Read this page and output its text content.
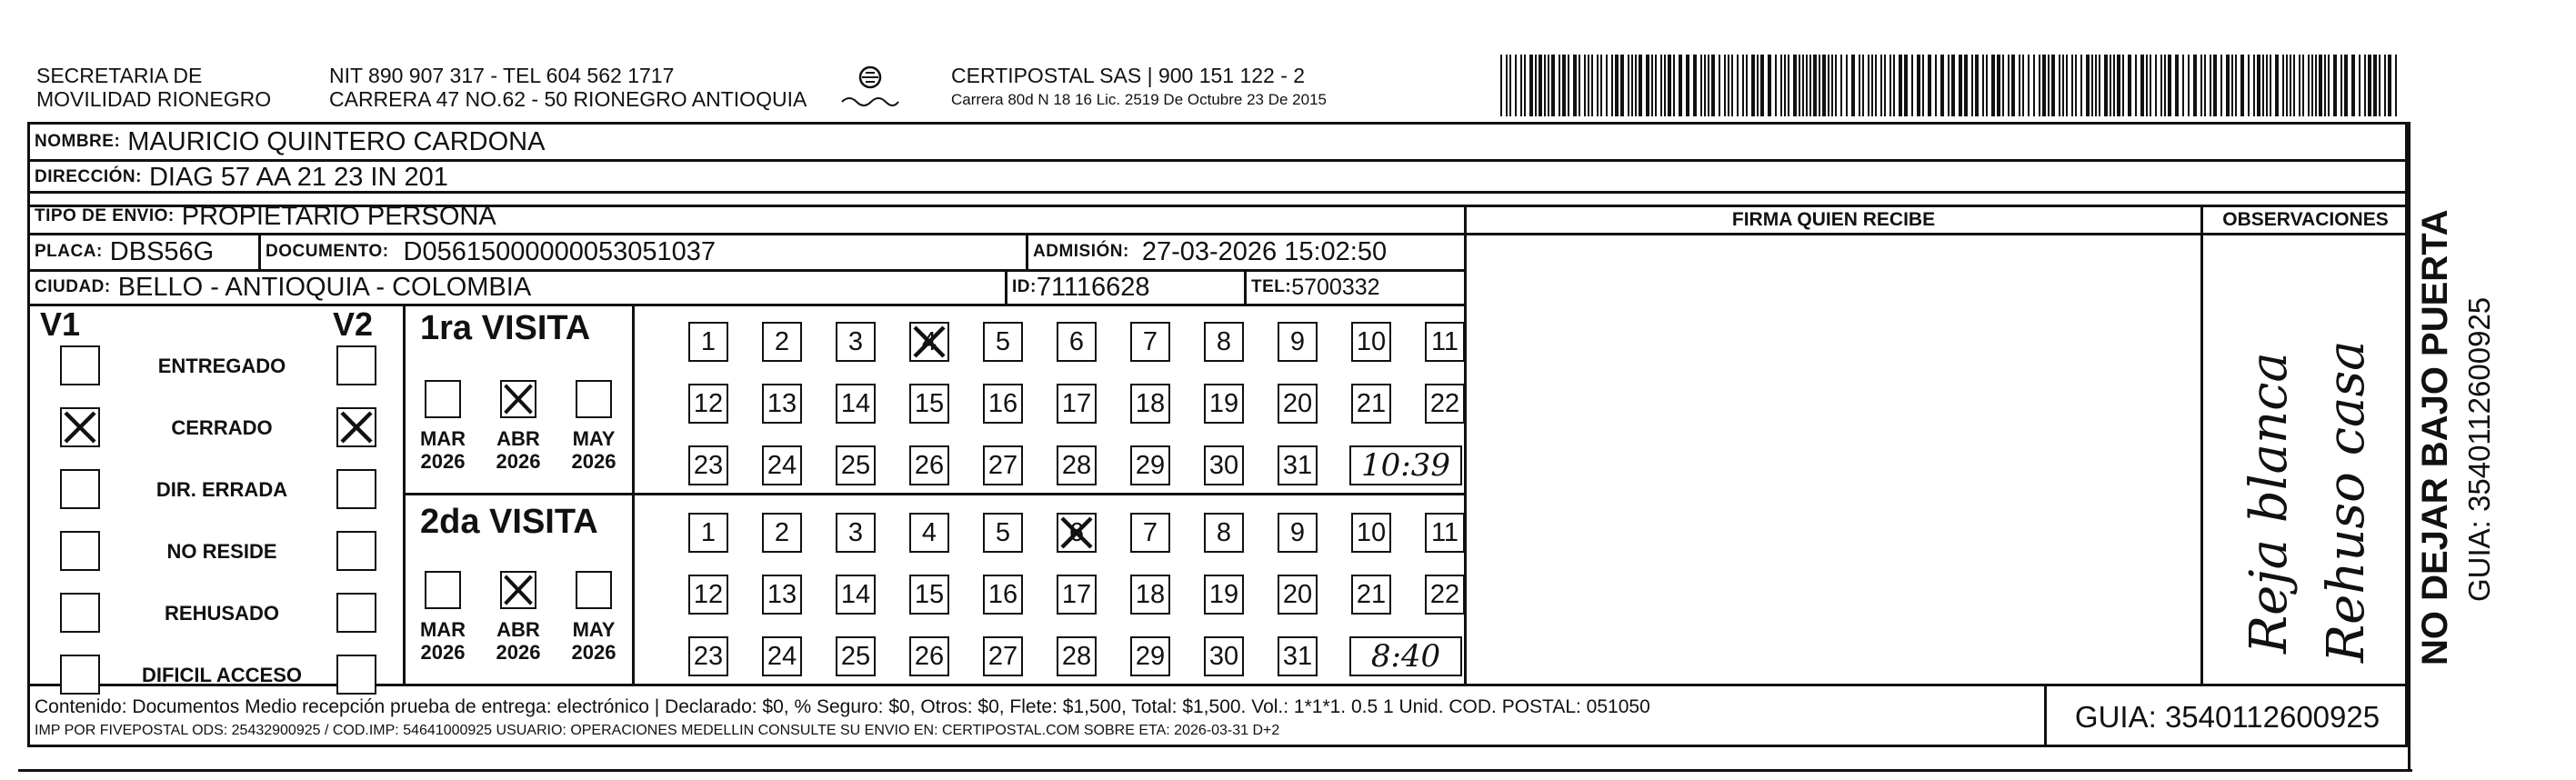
SECRETARIA DE
MOVILIDAD RIONEGRO
NIT 890 907 317 - TEL 604 562 1717
CARRERA 47 NO.62 - 50 RIONEGRO ANTIOQUIA
CERTIPOSTAL SAS | 900 151 122 - 2
Carrera 80d N 18 16 Lic. 2519 De Octubre 23 De 2015
NOMBRE: MAURICIO QUINTERO CARDONA
DIRECCIÓN: DIAG 57 AA 21 23 IN 201
TIPO DE ENVIO: PROPIETARIO PERSONA
PLACA: DBS56G	DOCUMENTO: D05615000000053051037	ADMISIÓN: 27-03-2026 15:02:50
CIUDAD: BELLO - ANTIOQUIA - COLOMBIA	ID: 71116628	TEL: 5700332
FIRMA QUIEN RECIBE	OBSERVACIONES
Reja blanca Rehuso casa
V1	V2
ENTREGADO
CERRADO
DIR. ERRADA
NO RESIDE
REHUSADO
DIFICIL ACCESO
1ra VISITA
MAR
2026
ABR
2026
MAY
2026
1 2 3 4 5 6 7 8 9 10 11
12 13 14 15 16 17 18 19 20 21 22
23 24 25 26 27 28 29 30 31 10:39
2da VISITA
MAR
2026
ABR
2026
MAY
2026
1 2 3 4 5 6 7 8 9 10 11
12 13 14 15 16 17 18 19 20 21 22
23 24 25 26 27 28 29 30 31 8:40
Contenido: Documentos Medio recepción prueba de entrega: electrónico | Declarado: $0, % Seguro: $0, Otros: $0, Flete: $1,500, Total: $1,500. Vol.: 1*1*1. 0.5 1 Unid. COD. POSTAL: 051050
IMP POR FIVEPOSTAL ODS: 25432900925 / COD.IMP: 54641000925 USUARIO: OPERACIONES MEDELLIN CONSULTE SU ENVIO EN: CERTIPOSTAL.COM SOBRE ETA: 2026-03-31 D+2	GUIA: 3540112600925
NO DEJAR BAJO PUERTA GUIA: 3540112600925
